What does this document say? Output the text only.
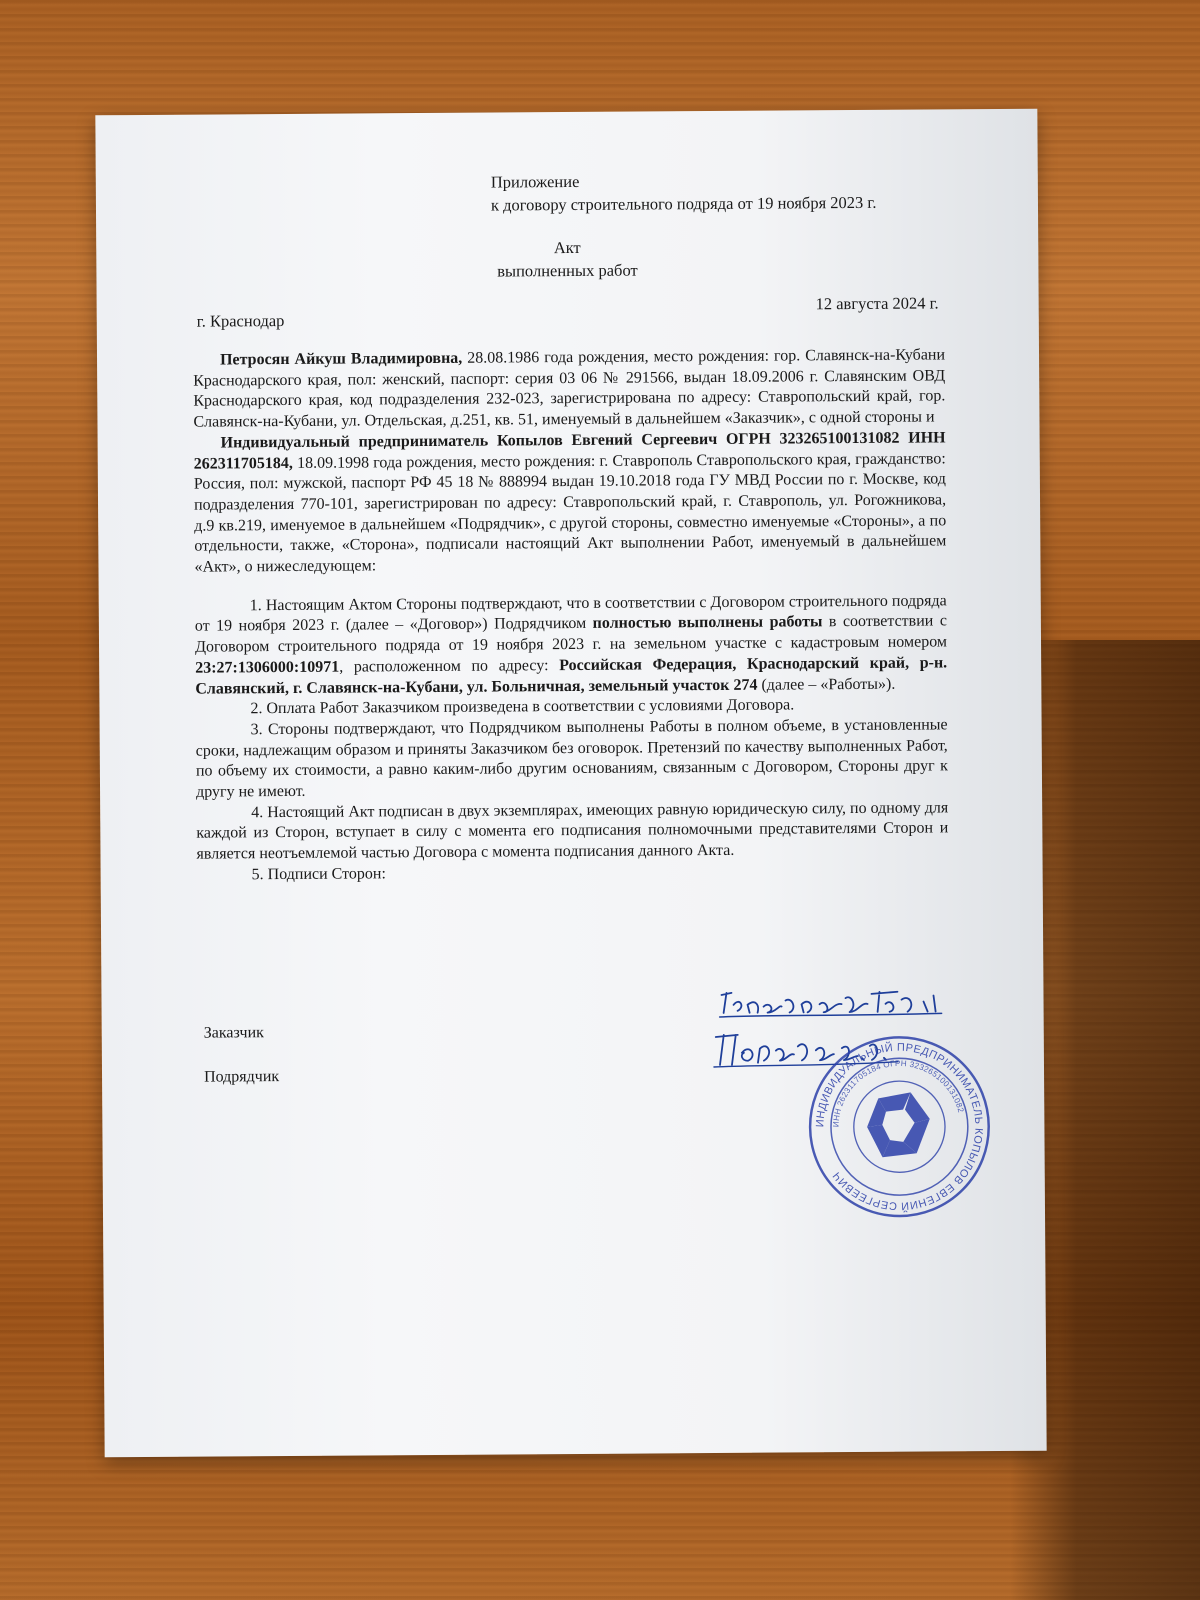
Приложение
к договору строительного подряда от 19 ноября 2023 г.
Акт
выполненных работ
г. Краснодар
12 августа 2024 г.

Петросян Айкуш Владимировна, 28.08.1986 года рождения, место рождения: гор. Славянск-на-Кубани Краснодарского края, пол: женский, паспорт: серия 03 06 № 291566, выдан 18.09.2006 г. Славянским ОВД Краснодарского края, код подразделения 232-023, зарегистрирована по адресу: Ставропольский край, гор. Славянск-на-Кубани, ул. Отдельская, д.251, кв. 51, именуемый в дальнейшем «Заказчик», с одной стороны и

Индивидуальный предприниматель Копылов Евгений Сергеевич ОГРН 323265100131082 ИНН 262311705184, 18.09.1998 года рождения, место рождения: г. Ставрополь Ставропольского края, гражданство: Россия, пол: мужской, паспорт РФ 45 18 № 888994 выдан 19.10.2018 года ГУ МВД России по г. Москве, код подразделения 770-101, зарегистрирован по адресу: Ставропольский край, г. Ставрополь, ул. Рогожникова, д.9 кв.219, именуемое в дальнейшем «Подрядчик», с другой стороны, совместно именуемые «Стороны», а по отдельности, также, «Сторона», подписали настоящий Акт выполнении Работ, именуемый в дальнейшем «Акт», о нижеследующем:

1. Настоящим Актом Стороны подтверждают, что в соответствии с Договором строительного подряда от 19 ноября 2023 г. (далее – «Договор») Подрядчиком полностью выполнены работы в соответствии с Договором строительного подряда от 19 ноября 2023 г. на земельном участке с кадастровым номером 23:27:1306000:10971, расположенном по адресу: Российская Федерация, Краснодарский край, р-н. Славянский, г. Славянск-на-Кубани, ул. Больничная, земельный участок 274 (далее – «Работы»).

2. Оплата Работ Заказчиком произведена в соответствии с условиями Договора.

3. Стороны подтверждают, что Подрядчиком выполнены Работы в полном объеме, в установленные сроки, надлежащим образом и приняты Заказчиком без оговорок. Претензий по качеству выполненных Работ, по объему их стоимости, а равно каким-либо другим основаниям, связанным с Договором, Стороны друг к другу не имеют.

4. Настоящий Акт подписан в двух экземплярах, имеющих равную юридическую силу, по одному для каждой из Сторон, вступает в силу с момента его подписания полномочными представителями Сторон и является неотъемлемой частью Договора с момента подписания данного Акта.

5. Подписи Сторон:

Заказчик
Подрядчик
ИНДИВИДУАЛЬНЫЙ ПРЕДПРИНИМАТЕЛЬ КОПЫЛОВ ЕВГЕНИЙ СЕРГЕЕВИЧ
ИНН 262311705184 ОГРН 323265100131082
